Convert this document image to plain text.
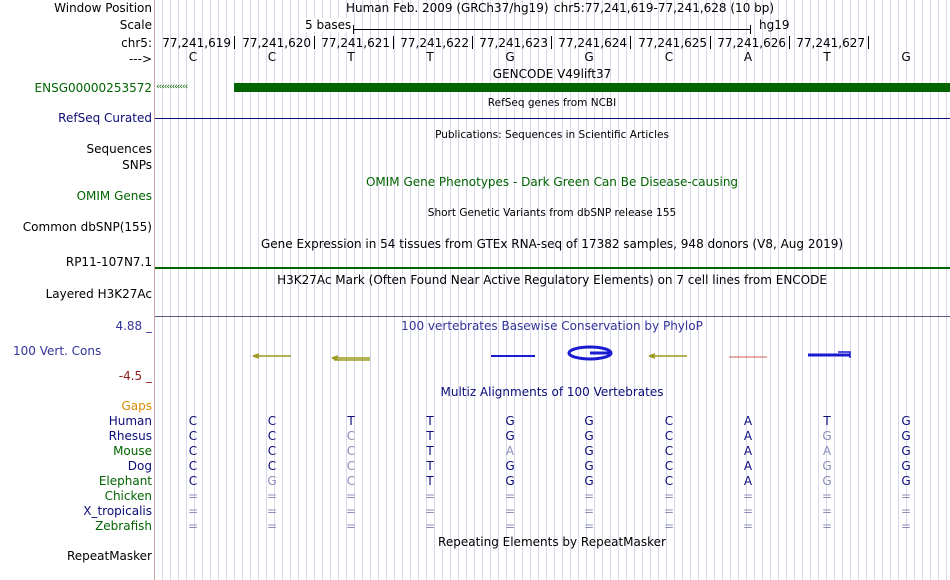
Window Position	Human Feb. 2009 (GRCh37/hg19) chr5:77,241,619-77,241,628 (10 bp)
Scale	5 bases	hg19
chr5: 77,241,619 77,241,620 77,241,621 77,241,622 77,241,623 77,241,624 77,241,625 77,241,626 77,241,627
--->	C	C	T	T	G	G	C	A	T	G
GENCODE V49lift37
ENSG00000253572 ‹‹‹‹‹‹‹‹‹‹‹‹
RefSeq genes from NCBI
RefSeq Curated
Publications: Sequences in Scientific Articles
Sequences
SNPs
OMIM Gene Phenotypes - Dark Green Can Be Disease-causing
OMIM Genes
Short Genetic Variants from dbSNP release 155
Common dbSNP(155)
Gene Expression in 54 tissues from GTEx RNA-seq of 17382 samples, 948 donors (V8, Aug 2019)
RP11-107N7.1
H3K27Ac Mark (Often Found Near Active Regulatory Elements) on 7 cell lines from ENCODE
Layered H3K27Ac
100 vertebrates Basewise Conservation by PhyloP
4.88 _
100 Vert. Cons
-4.5 _
Multiz Alignments of 100 Vertebrates
Gaps
Human	C	C	T	T	G	G	C	A	T	G
Rhesus	C	C	C	T	G	G	C	A	G	G
Mouse	C	C	C	T	A	G	C	A	A	G
Dog	C	C	C	T	G	G	C	A	G	G
Elephant	C	G	C	T	G	G	C	A	G	G
Chicken	=	=	=	=	=	=	=	=	=	=
X_tropicalis	=	=	=	=	=	=	=	=	=	=
Zebrafish	=	=	=	=	=	=	=	=	=	=
Repeating Elements by RepeatMasker
RepeatMasker
